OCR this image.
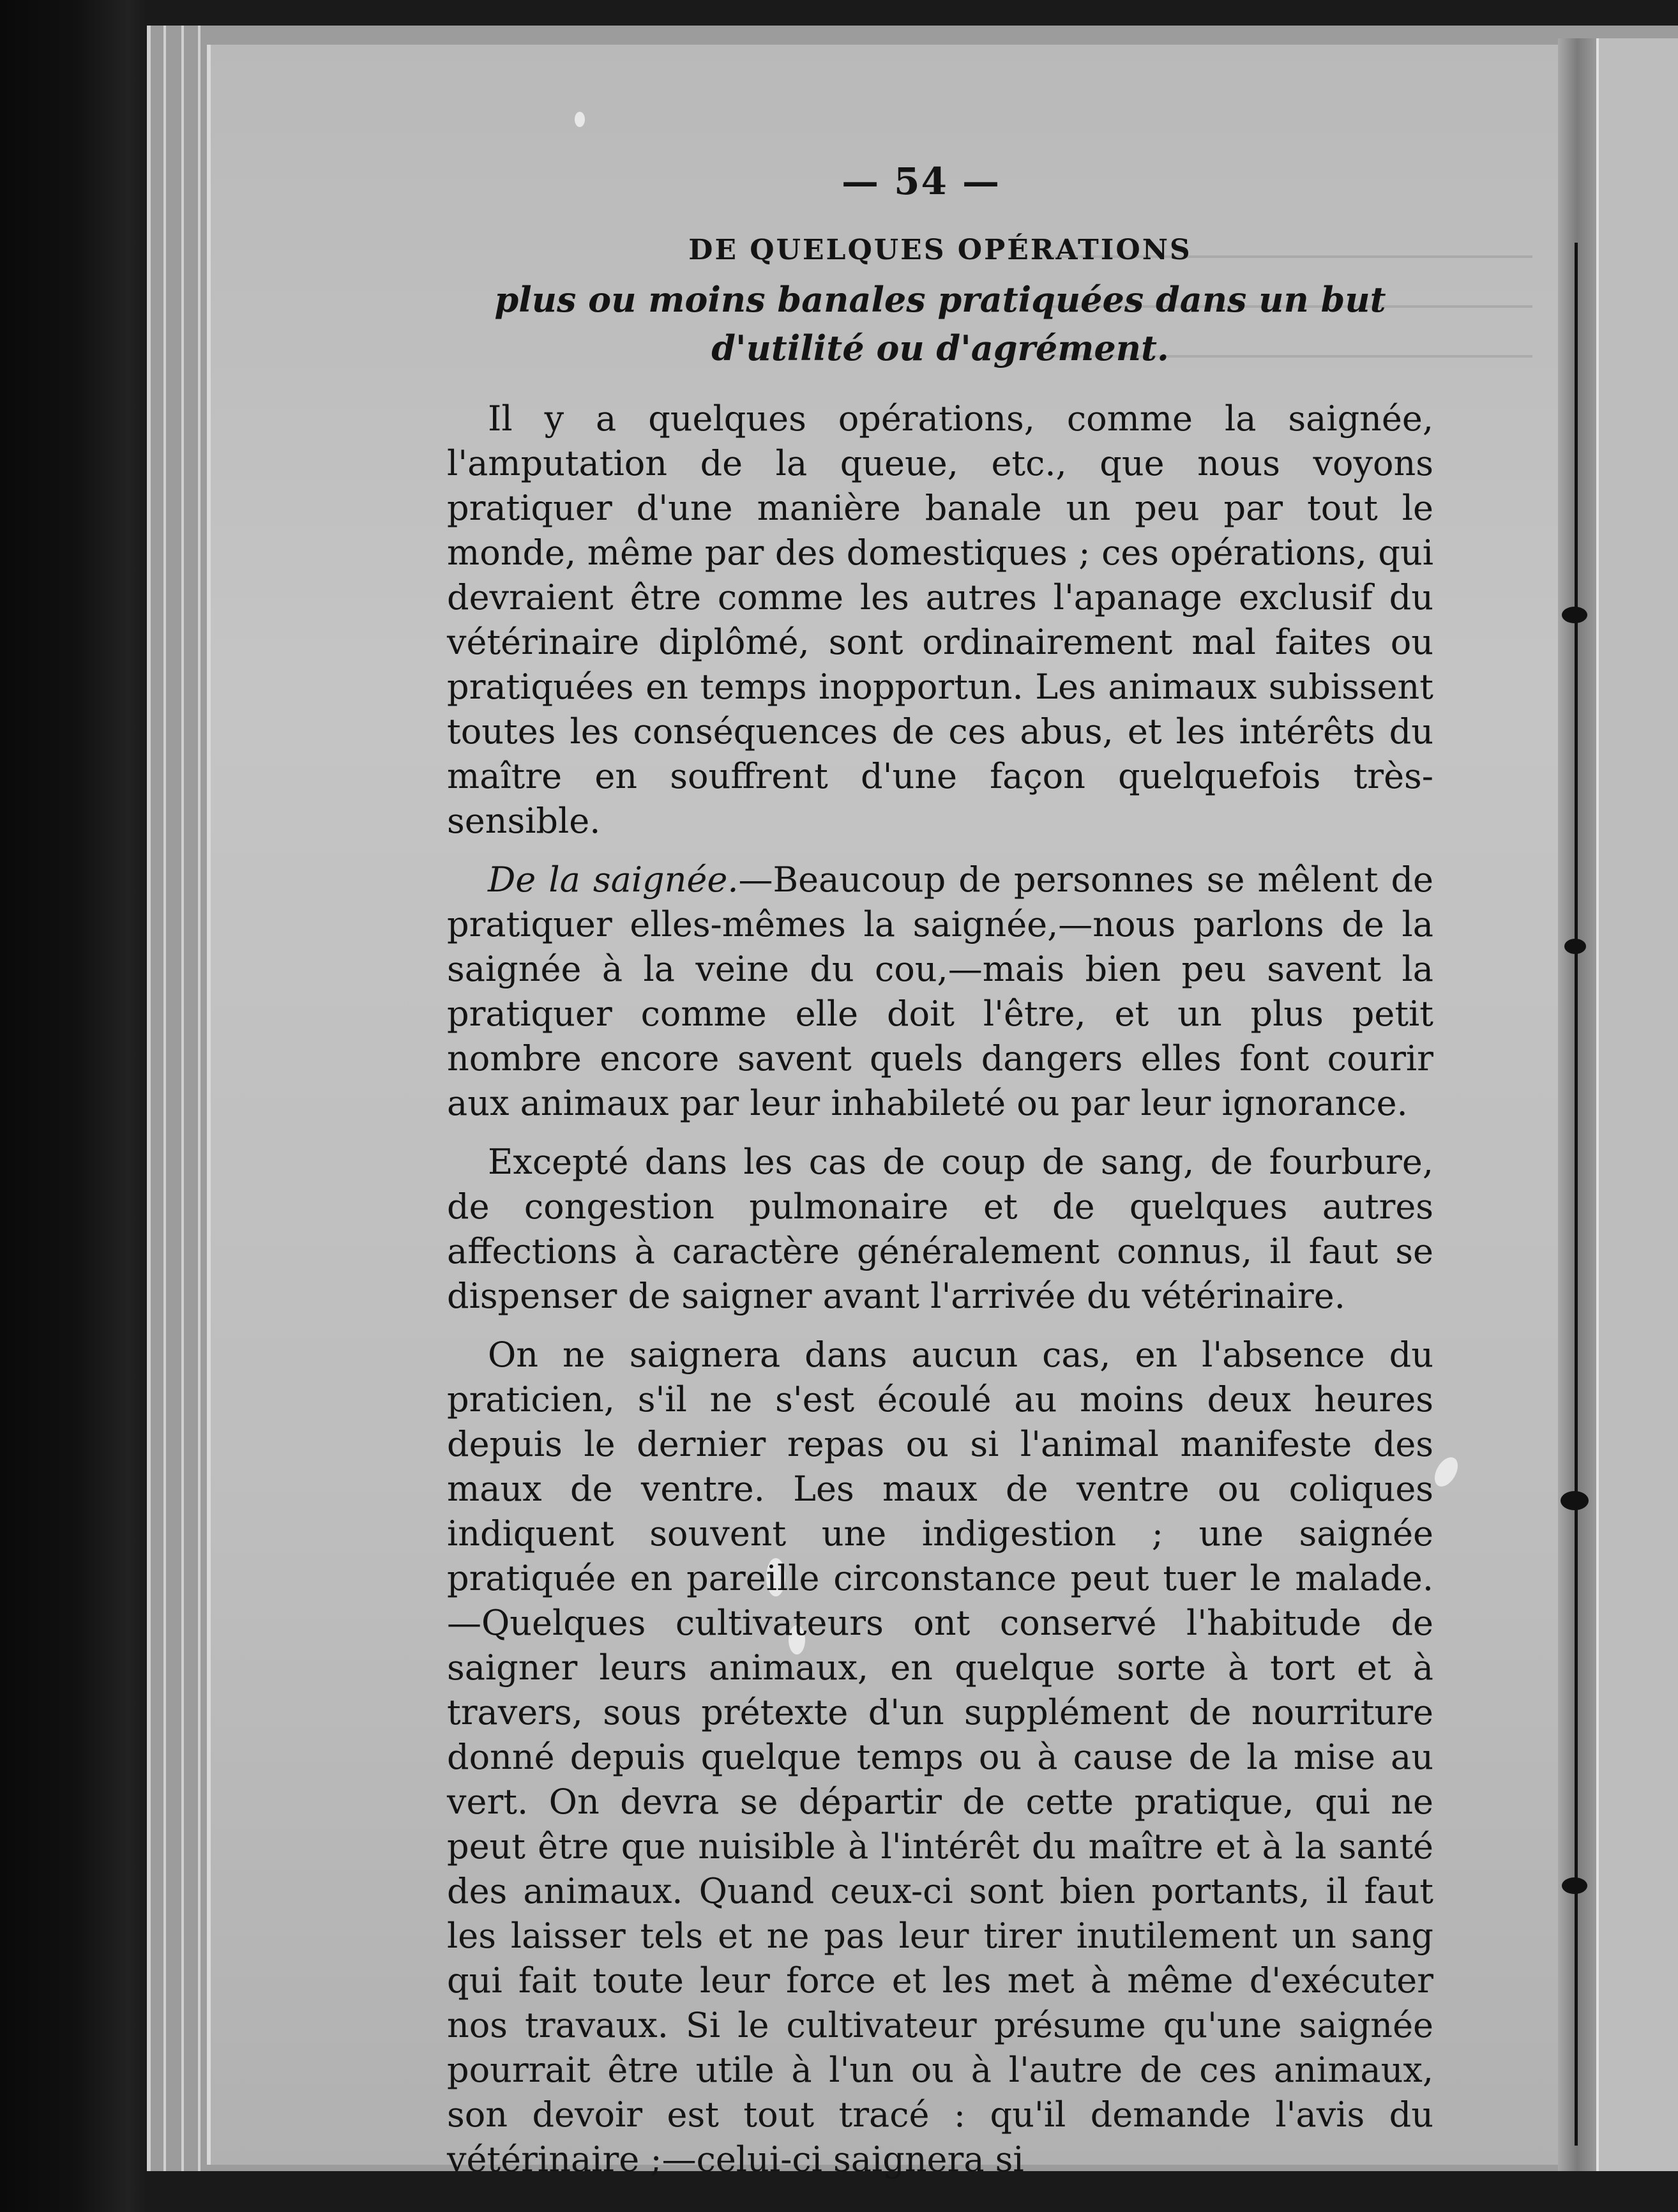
— 54 —
DE QUELQUES OPÉRATIONS
plus ou moins banales pratiquées dans un but d'utilité ou d'agrément.

Il y a quelques opérations, comme la saignée, l'amputation de la queue, etc., que nous voyons pratiquer d'une manière banale un peu par tout le monde, même par des domestiques ; ces opérations, qui devraient être comme les autres l'apanage exclusif du vétérinaire diplômé, sont ordinairement mal faites ou pratiquées en temps inopportun. Les animaux subissent toutes les conséquences de ces abus, et les intérêts du maître en souffrent d'une façon quelquefois très-sensible.

De la saignée.—Beaucoup de personnes se mêlent de pratiquer elles-mêmes la saignée,—nous parlons de la saignée à la veine du cou,—mais bien peu savent la pratiquer comme elle doit l'être, et un plus petit nombre encore savent quels dangers elles font courir aux animaux par leur inhabileté ou par leur ignorance.

Excepté dans les cas de coup de sang, de fourbure, de congestion pulmonaire et de quelques autres affections à caractère généralement connus, il faut se dispenser de saigner avant l'arrivée du vétérinaire.

On ne saignera dans aucun cas, en l'absence du praticien, s'il ne s'est écoulé au moins deux heures depuis le dernier repas ou si l'animal manifeste des maux de ventre. Les maux de ventre ou coliques indiquent souvent une indigestion ; une saignée pratiquée en pareille circonstance peut tuer le malade.—Quelques cultivateurs ont conservé l'habitude de saigner leurs animaux, en quelque sorte à tort et à travers, sous prétexte d'un supplément de nourriture donné depuis quelque temps ou à cause de la mise au vert. On devra se départir de cette pratique, qui ne peut être que nuisible à l'intérêt du maître et à la santé des animaux. Quand ceux-ci sont bien portants, il faut les laisser tels et ne pas leur tirer inutilement un sang qui fait toute leur force et les met à même d'exécuter nos travaux. Si le cultivateur présume qu'une saignée pourrait être utile à l'un ou à l'autre de ces animaux, son devoir est tout tracé : qu'il demande l'avis du vétérinaire ;—celui-ci saignera si
